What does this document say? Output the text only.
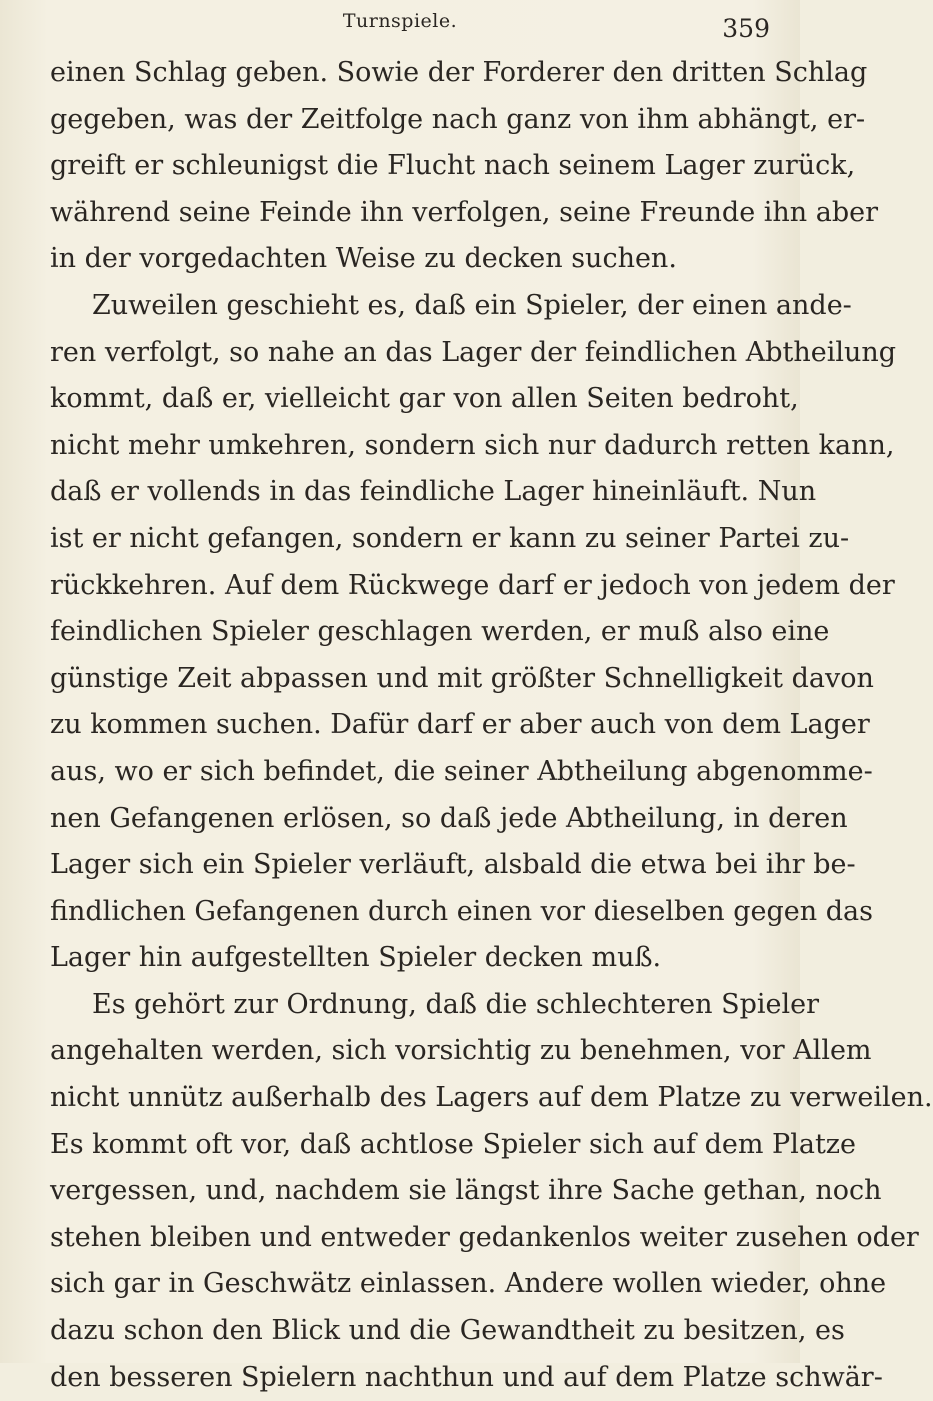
Turnspiele.	359
einen Schlag geben. Sowie der Forderer den dritten Schlag
gegeben, was der Zeitfolge nach ganz von ihm abhängt, er-
greift er schleunigst die Flucht nach seinem Lager zurück,
während seine Feinde ihn verfolgen, seine Freunde ihn aber
in der vorgedachten Weise zu decken suchen.
Zuweilen geschieht es, daß ein Spieler, der einen ande-
ren verfolgt, so nahe an das Lager der feindlichen Abtheilung
kommt, daß er, vielleicht gar von allen Seiten bedroht,
nicht mehr umkehren, sondern sich nur dadurch retten kann,
daß er vollends in das feindliche Lager hineinläuft. Nun
ist er nicht gefangen, sondern er kann zu seiner Partei zu-
rückkehren. Auf dem Rückwege darf er jedoch von jedem der
feindlichen Spieler geschlagen werden, er muß also eine
günstige Zeit abpassen und mit größter Schnelligkeit davon
zu kommen suchen. Dafür darf er aber auch von dem Lager
aus, wo er sich befindet, die seiner Abtheilung abgenomme-
nen Gefangenen erlösen, so daß jede Abtheilung, in deren
Lager sich ein Spieler verläuft, alsbald die etwa bei ihr be-
findlichen Gefangenen durch einen vor dieselben gegen das
Lager hin aufgestellten Spieler decken muß.
Es gehört zur Ordnung, daß die schlechteren Spieler
angehalten werden, sich vorsichtig zu benehmen, vor Allem
nicht unnütz außerhalb des Lagers auf dem Platze zu verweilen.
Es kommt oft vor, daß achtlose Spieler sich auf dem Platze
vergessen, und, nachdem sie längst ihre Sache gethan, noch
stehen bleiben und entweder gedankenlos weiter zusehen oder
sich gar in Geschwätz einlassen. Andere wollen wieder, ohne
dazu schon den Blick und die Gewandtheit zu besitzen, es
den besseren Spielern nachthun und auf dem Platze schwär-
